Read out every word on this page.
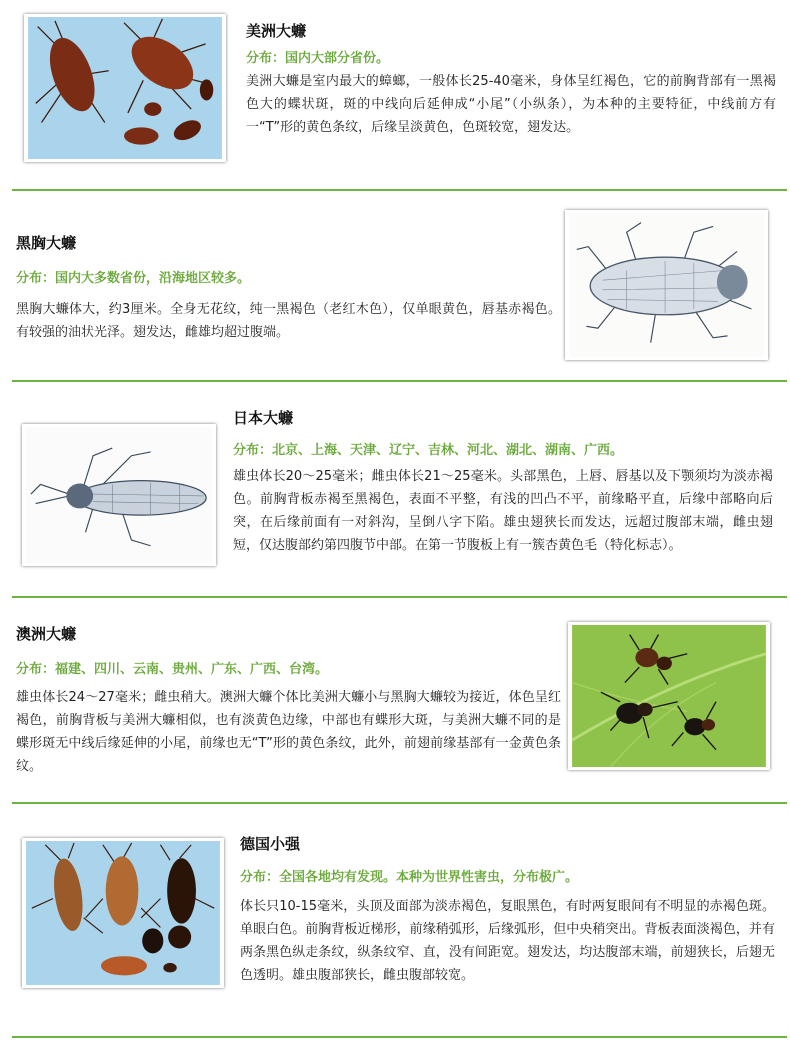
美洲大蠊
分布：国内大部分省份。
美洲大蠊是室内最大的蟑螂，一般体长25-40毫米，身体呈红褐色，它的前胸背部有一黑褐色大的蝶状斑，斑的中线向后延伸成“小尾”（小纵条），为本种的主要特征，中线前方有一“T”形的黄色条纹，后缘呈淡黄色，色斑较宽，翅发达。
黑胸大蠊
分布：国内大多数省份，沿海地区较多。
黑胸大蠊体大，约3厘米。全身无花纹，纯一黑褐色（老红木色），仅单眼黄色，唇基赤褐色。有较强的油状光泽。翅发达，雌雄均超过腹端。
日本大蠊
分布：北京、上海、天津、辽宁、吉林、河北、湖北、湖南、广西。
雄虫体长20～25毫米；雌虫体长21～25毫米。头部黑色，上唇、唇基以及下颚须均为淡赤褐色。前胸背板赤褐至黑褐色，表面不平整，有浅的凹凸不平，前缘略平直，后缘中部略向后突，在后缘前面有一对斜沟，呈倒八字下陷。雄虫翅狭长而发达，远超过腹部末端，雌虫翅短，仅达腹部约第四腹节中部。在第一节腹板上有一簇杏黄色毛（特化标志）。
澳洲大蠊
分布：福建、四川、云南、贵州、广东、广西、台湾。
雄虫体长24～27毫米；雌虫稍大。澳洲大蠊个体比美洲大蠊小与黑胸大蠊较为接近，体色呈红褐色，前胸背板与美洲大蠊相似，也有淡黄色边缘，中部也有蝶形大斑，与美洲大蠊不同的是蝶形斑无中线后缘延伸的小尾，前缘也无“T”形的黄色条纹，此外，前翅前缘基部有一金黄色条纹。
德国小强
分布：全国各地均有发现。本种为世界性害虫，分布极广。
体长只10-15毫米，头顶及面部为淡赤褐色，复眼黑色，有时两复眼间有不明显的赤褐色斑。单眼白色。前胸背板近梯形，前缘稍弧形，后缘弧形，但中央稍突出。背板表面淡褐色，并有两条黑色纵走条纹，纵条纹窄、直，没有间距宽。翅发达，均达腹部末端，前翅狭长，后翅无色透明。雄虫腹部狭长，雌虫腹部较宽。
